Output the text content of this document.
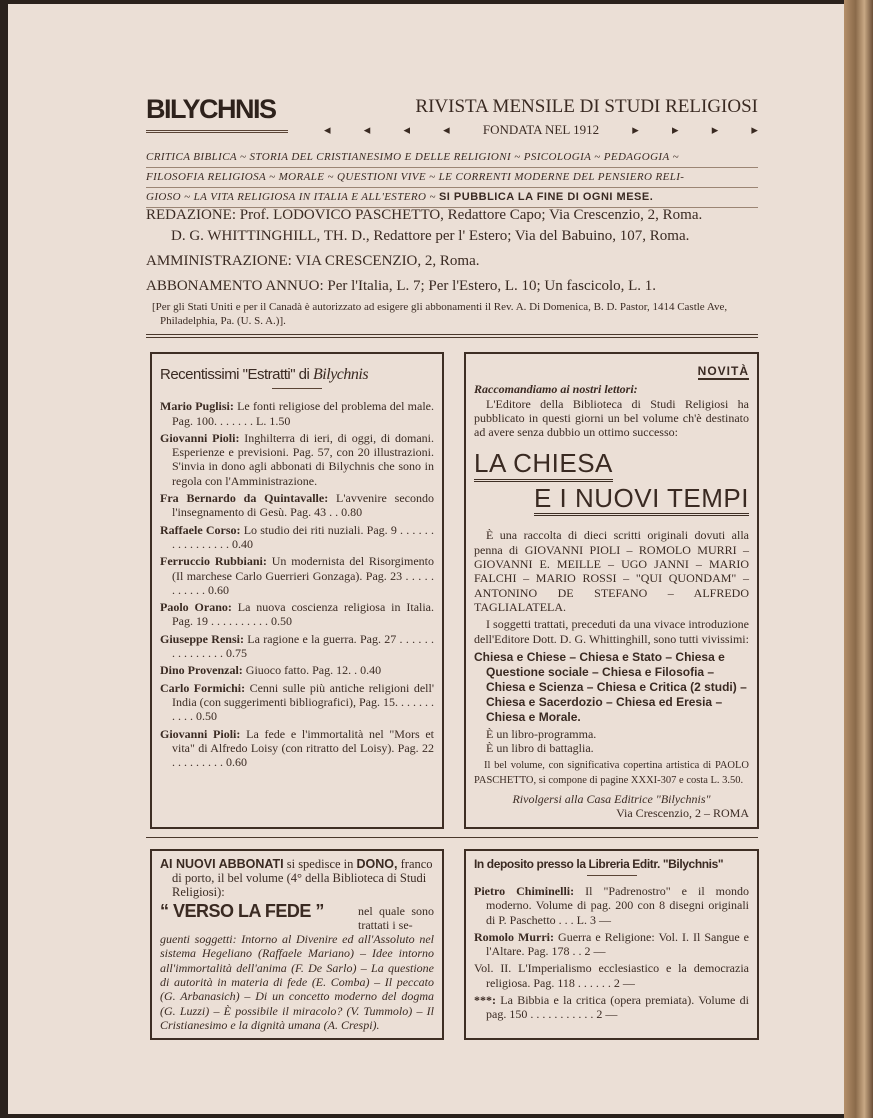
BILYCHNIS	RIVISTA MENSILE DI STUDI RELIGIOSI
◂	◂	◂	◂	FONDATA NEL 1912	▸	▸	▸	▸
CRITICA BIBLICA ~ STORIA DEL CRISTIANESIMO E DELLE RELIGIONI ~ PSICOLOGIA ~ PEDAGOGIA ~
FILOSOFIA RELIGIOSA ~ MORALE ~ QUESTIONI VIVE ~ LE CORRENTI MODERNE DEL PENSIERO RELI-
GIOSO ~ LA VITA RELIGIOSA IN ITALIA E ALL'ESTERO ~ SI PUBBLICA LA FINE DI OGNI MESE.
REDAZIONE: Prof. LODOVICO PASCHETTO, Redattore Capo; Via Crescenzio, 2, Roma.
D. G. WHITTINGHILL, TH. D., Redattore per l' Estero; Via del Babuino, 107, Roma.
AMMINISTRAZIONE: VIA CRESCENZIO, 2, Roma.
ABBONAMENTO ANNUO: Per l'Italia, L. 7; Per l'Estero, L. 10; Un fascicolo, L. 1.
[Per gli Stati Uniti e per il Canadà è autorizzato ad esigere gli abbonamenti il Rev. A. Di Domenica, B. D. Pastor, 1414 Castle Ave, Philadelphia, Pa. (U. S. A.)].
Recentissimi "Estratti" di Bilychnis

Mario Puglisi: Le fonti religiose del problema del male. Pag. 100. . . . . . . L. 1.50

Giovanni Pioli: Inghilterra di ieri, di oggi, di domani. Esperienze e previsioni. Pag. 57, con 20 illustrazioni. S'invia in dono agli abbonati di Bilychnis che sono in regola con l'Amministrazione.

Fra Bernardo da Quintavalle: L'avvenire secondo l'insegnamento di Gesù. Pag. 43 . . 0.80

Raffaele Corso: Lo studio dei riti nuziali. Pag. 9 . . . . . . . . . . . . . . . . 0.40

Ferruccio Rubbiani: Un modernista del Risorgimento (Il marchese Carlo Guerrieri Gonzaga). Pag. 23 . . . . . . . . . . . 0.60

Paolo Orano: La nuova coscienza religiosa in Italia. Pag. 19 . . . . . . . . . . 0.50

Giuseppe Rensi: La ragione e la guerra. Pag. 27 . . . . . . . . . . . . . . . 0.75

Dino Provenzal: Giuoco fatto. Pag. 12. . 0.40

Carlo Formichi: Cenni sulle più antiche religioni dell' India (con suggerimenti bibliografici), Pag. 15. . . . . . . . . . . 0.50

Giovanni Pioli: La fede e l'immortalità nel "Mors et vita" di Alfredo Loisy (con ritratto del Loisy). Pag. 22 . . . . . . . . . 0.60

NOVITÀ
Raccomandiamo ai nostri lettori:

L'Editore della Biblioteca di Studi Religiosi ha pubblicato in questi giorni un bel volume ch'è destinato ad avere senza dubbio un ottimo successo:

LA CHIESA
E I NUOVI TEMPI

È una raccolta di dieci scritti originali dovuti alla penna di GIOVANNI PIOLI – ROMOLO MURRI – GIOVANNI E. MEILLE – UGO JANNI – MARIO FALCHI – MARIO ROSSI – "QUI QUONDAM" – ANTONINO DE STEFANO – ALFREDO TAGLIALATELA.

I soggetti trattati, preceduti da una vivace introduzione dell'Editore Dott. D. G. Whittinghill, sono tutti vivissimi:

Chiesa e Chiese – Chiesa e Stato – Chiesa e Questione sociale – Chiesa e Filosofia – Chiesa e Scienza – Chiesa e Critica (2 studi) – Chiesa e Sacerdozio – Chiesa ed Eresia – Chiesa e Morale.
È un libro-programma.
È un libro di battaglia.

Il bel volume, con significativa copertina artistica di PAOLO PASCHETTO, si compone di pagine XXXI-307 e costa L. 3.50.

Rivolgersi alla Casa Editrice "Bilychnis"
Via Crescenzio, 2 – ROMA
AI NUOVI ABBONATI si spedisce in DONO, franco di porto, il bel volume (4° della Biblioteca di Studi Religiosi):
“ VERSO LA FEDE ”	nel quale sono trattati i se-

guenti soggetti: Intorno al Divenire ed all'Assoluto nel sistema Hegeliano (Raffaele Mariano) – Idee intorno all'immortalità dell'anima (F. De Sarlo) – La questione di autorità in materia di fede (E. Comba) – Il peccato (G. Arbanasich) – Di un concetto moderno del dogma (G. Luzzi) – È possibile il miracolo? (V. Tummolo) – Il Cristianesimo e la dignità umana (A. Crespi).

In deposito presso la Libreria Editr. "Bilychnis"

Pietro Chiminelli: Il "Padrenostro" e il mondo moderno. Volume di pag. 200 con 8 disegni originali di P. Paschetto . . . L. 3 —

Romolo Murri: Guerra e Religione: Vol. I. Il Sangue e l'Altare. Pag. 178 . . 2 —

Vol. II. L'Imperialismo ecclesiastico e la democrazia religiosa. Pag. 118 . . . . . . 2 —

***: La Bibbia e la critica (opera premiata). Volume di pag. 150 . . . . . . . . . . . 2 —
